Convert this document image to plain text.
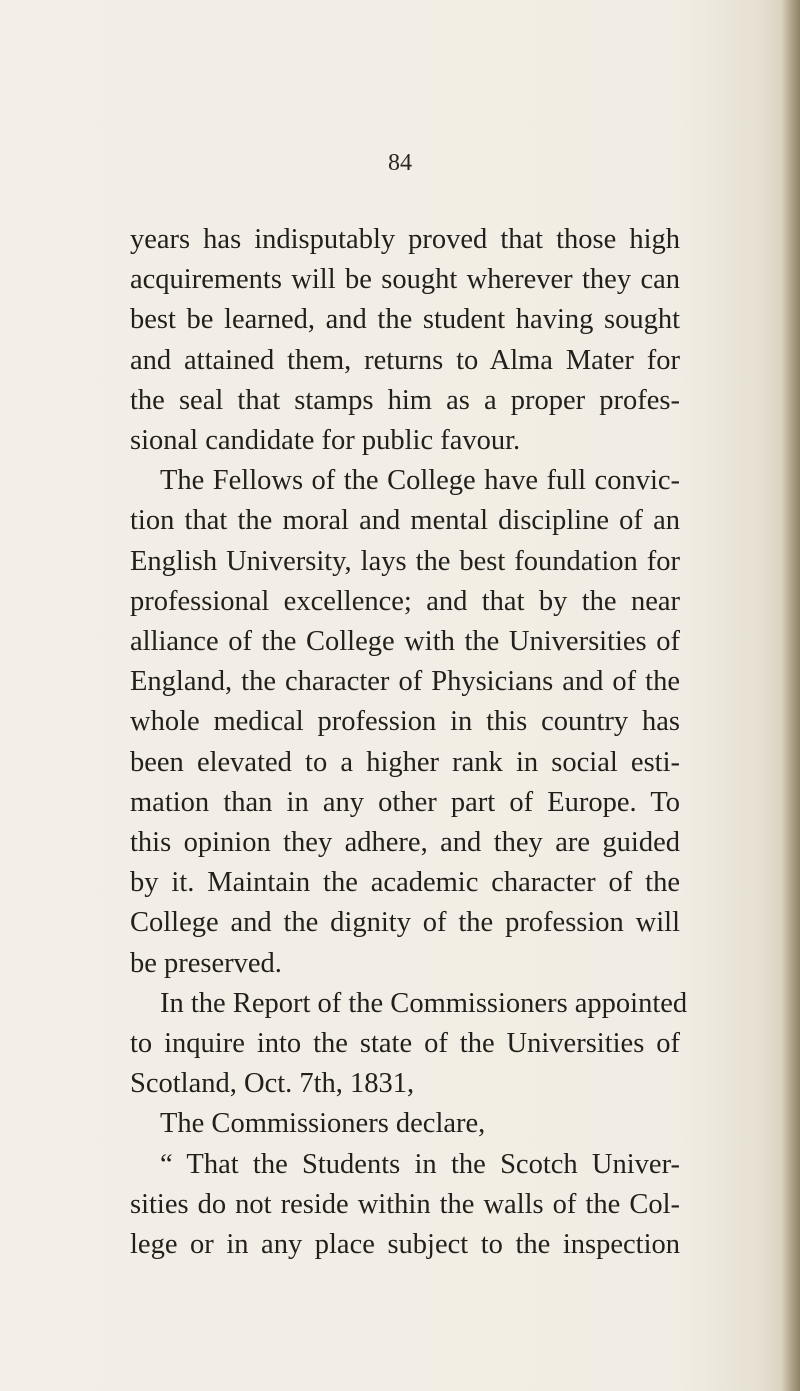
84
years has indisputably proved that those high
acquirements will be sought wherever they can
best be learned, and the student having sought
and attained them, returns to Alma Mater for
the seal that stamps him as a proper profes-
sional candidate for public favour.
The Fellows of the College have full convic-
tion that the moral and mental discipline of an
English University, lays the best foundation for
professional excellence; and that by the near
alliance of the College with the Universities of
England, the character of Physicians and of the
whole medical profession in this country has
been elevated to a higher rank in social esti-
mation than in any other part of Europe. To
this opinion they adhere, and they are guided
by it. Maintain the academic character of the
College and the dignity of the profession will
be preserved.
In the Report of the Commissioners appointed
to inquire into the state of the Universities of
Scotland, Oct. 7th, 1831,
The Commissioners declare,
“ That the Students in the Scotch Univer-
sities do not reside within the walls of the Col-
lege or in any place subject to the inspection
